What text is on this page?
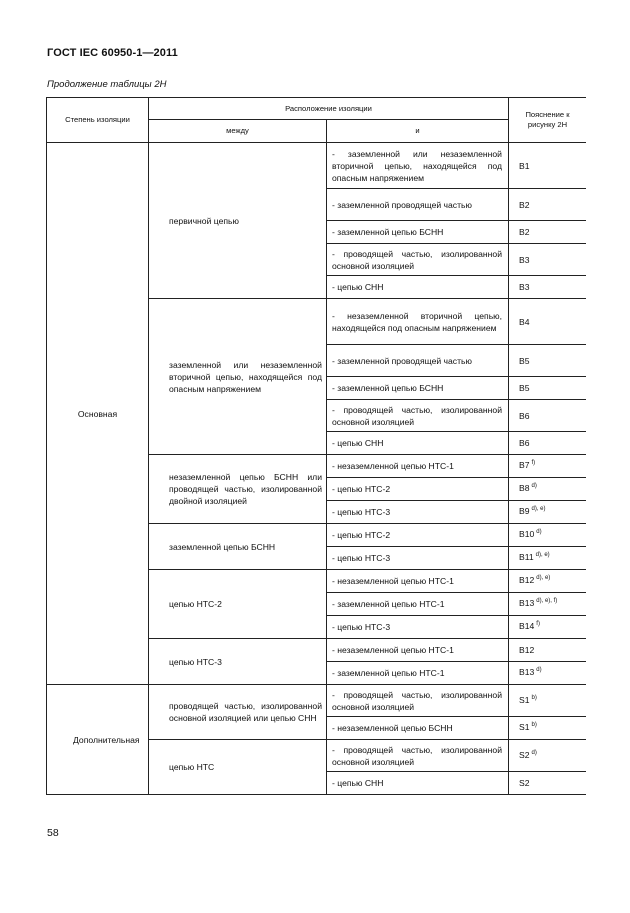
ГОСТ IEC 60950-1—2011
Продолжение таблицы 2Н
Степень изоляции	Расположение изоляции		Пояснение к рисунку 2Н
	между	и	
Основная	первичной цепью	- заземленной или незаземленной вторичной цепью, находящейся под опасным напряжением	B1
		- заземленной проводящей частью	B2
		- заземленной цепью БСНН	B2
		- проводящей частью, изолированной основной изоляцией	B3
		- цепью СНН	B3
	заземленной или незаземленной вторичной цепью, находящейся под опасным напряжением	- незаземленной вторичной цепью, находящейся под опасным напряжением	B4
		- заземленной проводящей частью	B5
		- заземленной цепью БСНН	B5
		- проводящей частью, изолированной основной изоляцией	B6
		- цепью СНН	B6
	незаземленной цепью БСНН или проводящей частью, изолированной двойной изоляцией	- незаземленной цепью НТС-1	B7 $^{f)}$
		- цепью НТС-2	B8 $^{d)}$
		- цепью НТС-3	B9 $^{d), e)}$
	заземленной цепью БСНН	- цепью НТС-2	B10 $^{d)}$
		- цепью НТС-3	B11 $^{d), e)}$
	цепью НТС-2	- незаземленной цепью НТС-1	B12 $^{d), e)}$
		- заземленной цепью НТС-1	B13 $^{d), e), f)}$
		- цепью НТС-3	B14 $^{f)}$
	цепью НТС-3	- незаземленной цепью НТС-1	B12
		- заземленной цепью НТС-1	B13 $^{d)}$
Дополнительная	проводящей частью, изолированной основной изоляцией или цепью СНН	- проводящей частью, изолированной основной изоляцией	S1 $^{b)}$
		- незаземленной цепью БСНН	S1 $^{b)}$
	цепью НТС	- проводящей частью, изолированной основной изоляцией	S2 $^{d)}$
		- цепью СНН	S2
58
